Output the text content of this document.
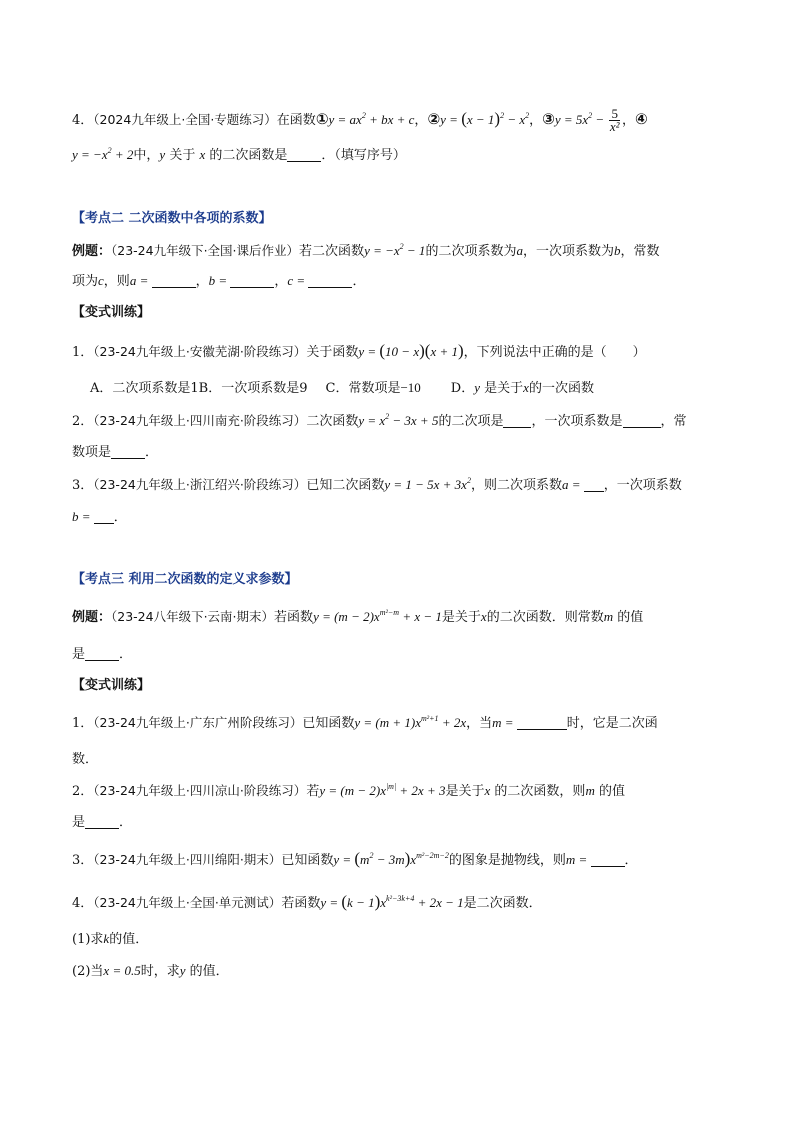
4．（2024九年级上·全国·专题练习）在函数①y = $ax^2$ + bx + c，②y = $(x - 1)^2 - x^2$，③y = $5x^2 - \frac{5}{\text{x²}}$ ，④
$y = -x^2 + 2$中，y 关于 x 的二次函数是	．（填写序号）
【考点二 二次函数中各项的系数】
例题：（23-24九年级下·全国·课后作业）若二次函数$y = -x^2 - 1$的二次项系数为a，一次项系数为b，常数
项为c，则a =	，b =	，c =	．
【变式训练】
1．（23-24九年级上·安徽芜湖·阶段练习）关于函数y = (10 − x)(x + 1)，下列说法中正确的是（　　）
A．二次项系数是1B．一次项系数是9 C．常数项是−10 D．y 是关于x的一次函数
2．（23-24九年级上·四川南充·阶段练习）二次函数$y = x^2 - 3x + 5$的二次项是 ，一次项系数是	，常
数项是	．
3．（23-24九年级上·浙江绍兴·阶段练习）已知二次函数$y = 1 - 5x + 3x^2$，则二次项系数a = ，一次项系数
b = ．
【考点三 利用二次函数的定义求参数】
例题：（23-24八年级下·云南·期末）若函数$y = (m - 2)x^{m^2-m} + x - 1$是关于x的二次函数．则常数m 的值
是	．
【变式训练】
1．（23-24九年级上·广东广州阶段练习）已知函数$y = (m + 1)x^{m^2+1} + 2x$，当m =	时，它是二次函
数．
2．（23-24九年级上·四川凉山·阶段练习）若$y = (m - 2)x^{|m|} + 2x + 3$是关于x 的二次函数，则m 的值
是	．
3．（23-24九年级上·四川绵阳·期末）已知函数$y = (m^2 - 3m)x^{m^2-2m-2}$的图象是抛物线，则m =	．
4．（23-24九年级上·全国·单元测试）若函数$y = (k - 1)x^{k^2-3k+4} + 2x - 1$是二次函数．
(1)求k的值．
(2)当x = 0.5时，求y 的值．
